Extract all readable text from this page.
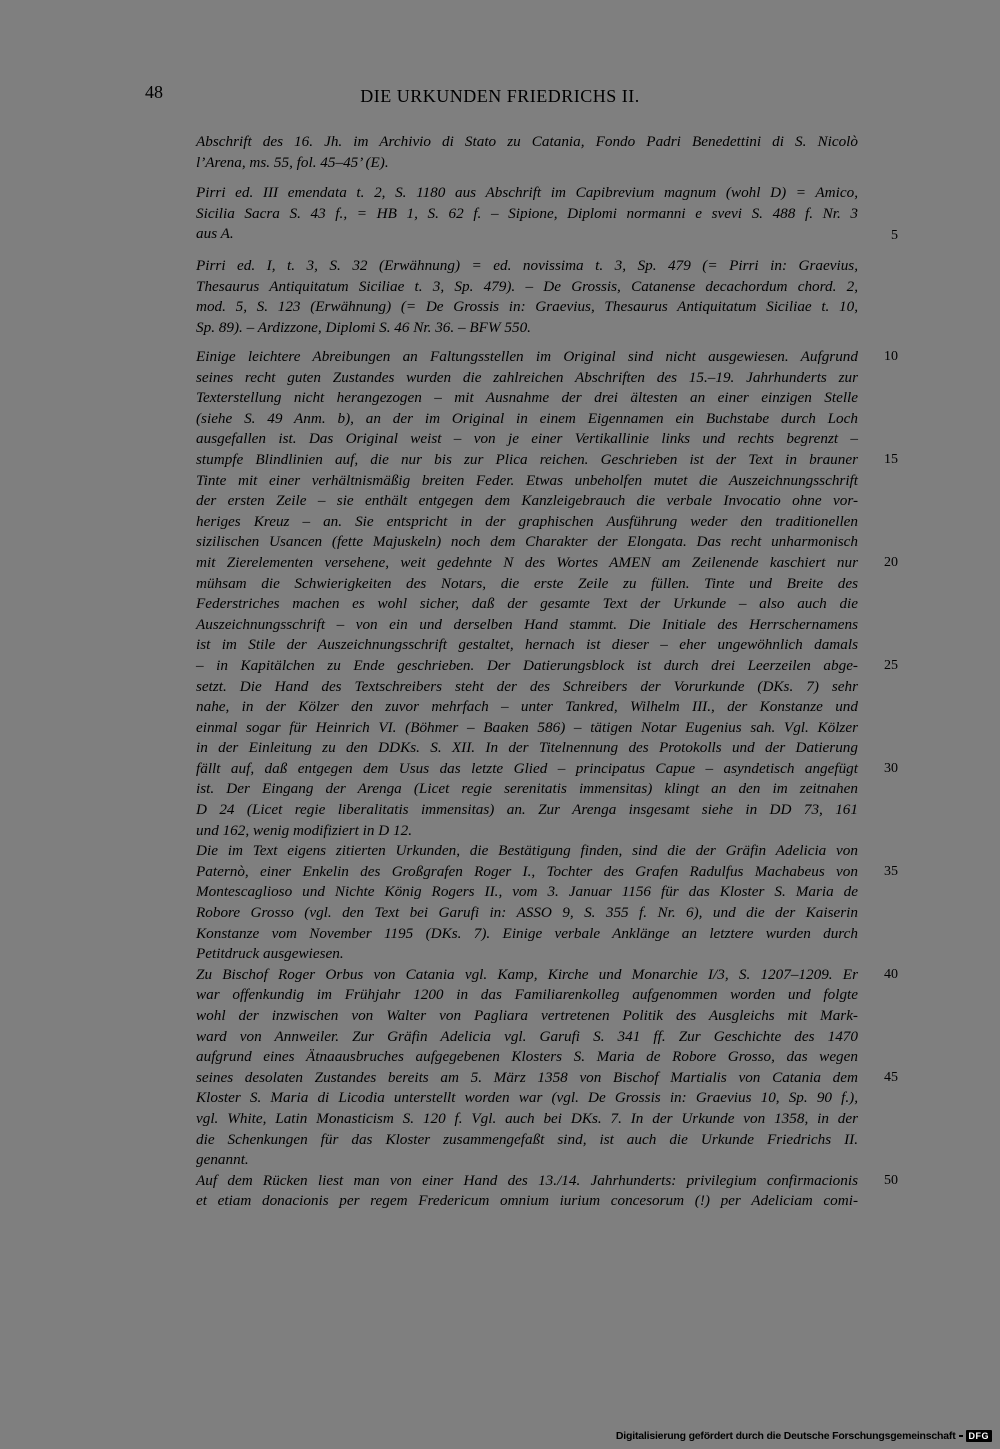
48	DIE URKUNDEN FRIEDRICHS II.
Abschrift des 16. Jh. im Archivio di Stato zu Catania, Fondo Padri Benedettini di S. Nicolò
l’Arena, ms. 55, fol. 45–45’ (E).
Pirri ed. III emendata t. 2, S. 1180 aus Abschrift im Capibrevium magnum (wohl D) = Amico,
Sicilia Sacra S. 43 f., = HB 1, S. 62 f. – Sipione, Diplomi normanni e svevi S. 488 f. Nr. 3
aus A.
Pirri ed. I, t. 3, S. 32 (Erwähnung) = ed. novissima t. 3, Sp. 479 (= Pirri in: Graevius,
Thesaurus Antiquitatum Siciliae t. 3, Sp. 479). – De Grossis, Catanense decachordum chord. 2,
mod. 5, S. 123 (Erwähnung) (= De Grossis in: Graevius, Thesaurus Antiquitatum Siciliae t. 10,
Sp. 89). – Ardizzone, Diplomi S. 46 Nr. 36. – BFW 550.
Einige leichtere Abreibungen an Faltungsstellen im Original sind nicht ausgewiesen. Aufgrund
seines recht guten Zustandes wurden die zahlreichen Abschriften des 15.–19. Jahrhunderts zur
Texterstellung nicht herangezogen – mit Ausnahme der drei ältesten an einer einzigen Stelle
(siehe S. 49 Anm. b), an der im Original in einem Eigennamen ein Buchstabe durch Loch
ausgefallen ist. Das Original weist – von je einer Vertikallinie links und rechts begrenzt –
stumpfe Blindlinien auf, die nur bis zur Plica reichen. Geschrieben ist der Text in brauner
Tinte mit einer verhältnismäßig breiten Feder. Etwas unbeholfen mutet die Auszeichnungsschrift
der ersten Zeile – sie enthält entgegen dem Kanzleigebrauch die verbale Invocatio ohne vor-
heriges Kreuz – an. Sie entspricht in der graphischen Ausführung weder den traditionellen
sizilischen Usancen (fette Majuskeln) noch dem Charakter der Elongata. Das recht unharmonisch
mit Zierelementen versehene, weit gedehnte N des Wortes AMEN am Zeilenende kaschiert nur
mühsam die Schwierigkeiten des Notars, die erste Zeile zu füllen. Tinte und Breite des
Federstriches machen es wohl sicher, daß der gesamte Text der Urkunde – also auch die
Auszeichnungsschrift – von ein und derselben Hand stammt. Die Initiale des Herrschernamens
ist im Stile der Auszeichnungsschrift gestaltet, hernach ist dieser – eher ungewöhnlich damals
– in Kapitälchen zu Ende geschrieben. Der Datierungsblock ist durch drei Leerzeilen abge-
setzt. Die Hand des Textschreibers steht der des Schreibers der Vorurkunde (DKs. 7) sehr
nahe, in der Kölzer den zuvor mehrfach – unter Tankred, Wilhelm III., der Konstanze und
einmal sogar für Heinrich VI. (Böhmer – Baaken 586) – tätigen Notar Eugenius sah. Vgl. Kölzer
in der Einleitung zu den DDKs. S. XII. In der Titelnennung des Protokolls und der Datierung
fällt auf, daß entgegen dem Usus das letzte Glied – principatus Capue – asyndetisch angefügt
ist. Der Eingang der Arenga (Licet regie serenitatis immensitas) klingt an den im zeitnahen
D 24 (Licet regie liberalitatis immensitas) an. Zur Arenga insgesamt siehe in DD 73, 161
und 162, wenig modifiziert in D 12.
Die im Text eigens zitierten Urkunden, die Bestätigung finden, sind die der Gräfin Adelicia von
Paternò, einer Enkelin des Großgrafen Roger I., Tochter des Grafen Radulfus Machabeus von
Montescaglioso und Nichte König Rogers II., vom 3. Januar 1156 für das Kloster S. Maria de
Robore Grosso (vgl. den Text bei Garufi in: ASSO 9, S. 355 f. Nr. 6), und die der Kaiserin
Konstanze vom November 1195 (DKs. 7). Einige verbale Anklänge an letztere wurden durch
Petitdruck ausgewiesen.
Zu Bischof Roger Orbus von Catania vgl. Kamp, Kirche und Monarchie I/3, S. 1207–1209. Er
war offenkundig im Frühjahr 1200 in das Familiarenkolleg aufgenommen worden und folgte
wohl der inzwischen von Walter von Pagliara vertretenen Politik des Ausgleichs mit Mark-
ward von Annweiler. Zur Gräfin Adelicia vgl. Garufi S. 341 ff. Zur Geschichte des 1470
aufgrund eines Ätnaausbruches aufgegebenen Klosters S. Maria de Robore Grosso, das wegen
seines desolaten Zustandes bereits am 5. März 1358 von Bischof Martialis von Catania dem
Kloster S. Maria di Licodia unterstellt worden war (vgl. De Grossis in: Graevius 10, Sp. 90 f.),
vgl. White, Latin Monasticism S. 120 f. Vgl. auch bei DKs. 7. In der Urkunde von 1358, in der
die Schenkungen für das Kloster zusammengefaßt sind, ist auch die Urkunde Friedrichs II.
genannt.
Auf dem Rücken liest man von einer Hand des 13./14. Jahrhunderts: privilegium confirmacionis
et etiam donacionis per regem Fredericum omnium iurium concesorum (!) per Adeliciam comi-
5
10
15
20
25
30
35
40
45
50
Digitalisierung gefördert durch die Deutsche Forschungsgemeinschaft	DFG
